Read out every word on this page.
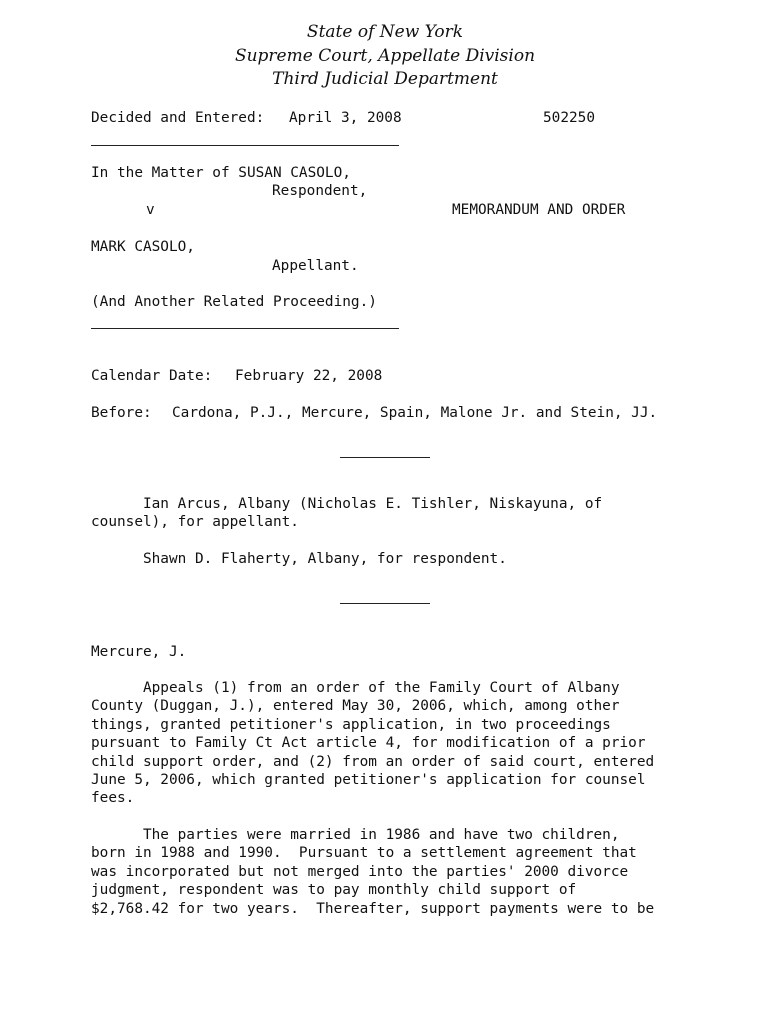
State of New York
Supreme Court, Appellate Division
Third Judicial Department
Decided and Entered: April 3, 2008	502250
In the Matter of SUSAN CASOLO,
Respondent,
v	MEMORANDUM AND ORDER
MARK CASOLO,
Appellant.
(And Another Related Proceeding.)
Calendar Date: February 22, 2008
Before: Cardona, P.J., Mercure, Spain, Malone Jr. and Stein, JJ.
Ian Arcus, Albany (Nicholas E. Tishler, Niskayuna, of
counsel), for appellant.
Shawn D. Flaherty, Albany, for respondent.
Mercure, J.
Appeals (1) from an order of the Family Court of Albany
County (Duggan, J.), entered May 30, 2006, which, among other
things, granted petitioner's application, in two proceedings
pursuant to Family Ct Act article 4, for modification of a prior
child support order, and (2) from an order of said court, entered
June 5, 2006, which granted petitioner's application for counsel
fees.
The parties were married in 1986 and have two children,
born in 1988 and 1990.  Pursuant to a settlement agreement that
was incorporated but not merged into the parties' 2000 divorce
judgment, respondent was to pay monthly child support of
$2,768.42 for two years.  Thereafter, support payments were to be
